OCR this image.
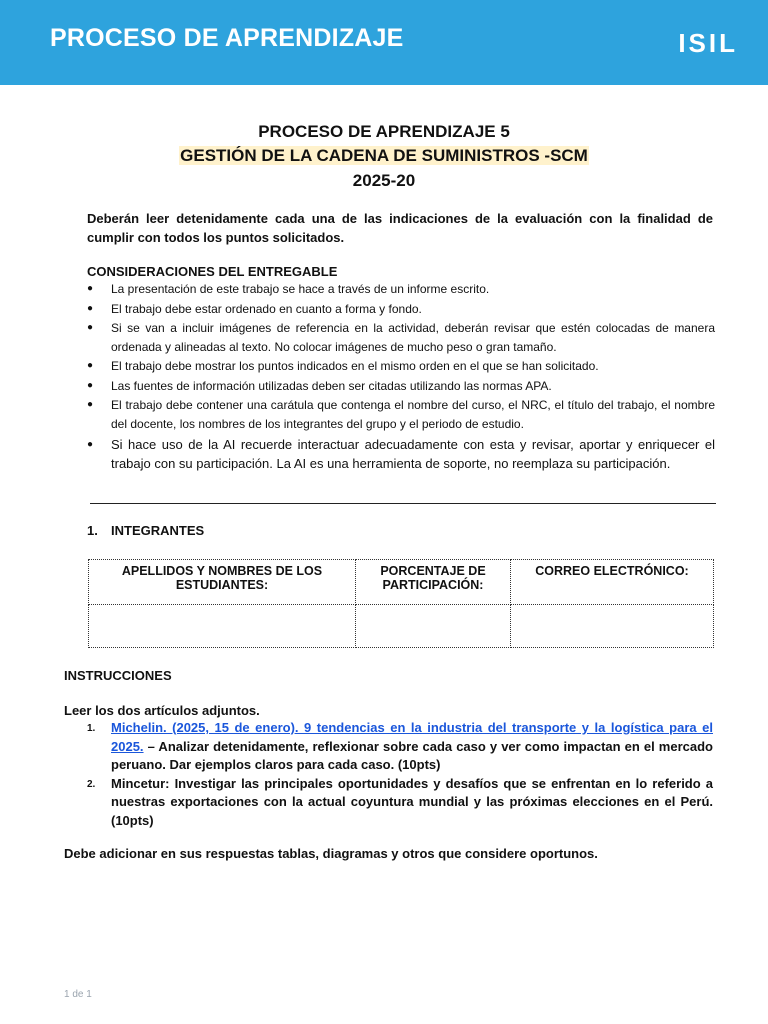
PROCESO DE APRENDIZAJE	ISIL
PROCESO DE APRENDIZAJE 5
GESTIÓN DE LA CADENA DE SUMINISTROS -SCM
2025-20
Deberán leer detenidamente cada una de las indicaciones de la evaluación con la finalidad de cumplir con todos los puntos solicitados.
CONSIDERACIONES DEL ENTREGABLE
● La presentación de este trabajo se hace a través de un informe escrito.
● El trabajo debe estar ordenado en cuanto a forma y fondo.
● Si se van a incluir imágenes de referencia en la actividad, deberán revisar que estén colocadas de manera ordenada y alineadas al texto. No colocar imágenes de mucho peso o gran tamaño.
● El trabajo debe mostrar los puntos indicados en el mismo orden en el que se han solicitado.
● Las fuentes de información utilizadas deben ser citadas utilizando las normas APA.
● El trabajo debe contener una carátula que contenga el nombre del curso, el NRC, el título del trabajo, el nombre del docente, los nombres de los integrantes del grupo y el periodo de estudio.
● Si hace uso de la AI recuerde interactuar adecuadamente con esta y revisar, aportar y enriquecer el trabajo con su participación. La AI es una herramienta de soporte, no reemplaza su participación.
1. INTEGRANTES
APELLIDOS Y NOMBRES DE LOS ESTUDIANTES:	PORCENTAJE DE PARTICIPACIÓN:	CORREO ELECTRÓNICO:

INSTRUCCIONES
Leer los dos artículos adjuntos.
1. Michelin. (2025, 15 de enero). 9 tendencias en la industria del transporte y la logística para el 2025. – Analizar detenidamente, reflexionar sobre cada caso y ver como impactan en el mercado peruano. Dar ejemplos claros para cada caso. (10pts)
2. Mincetur: Investigar las principales oportunidades y desafíos que se enfrentan en lo referido a nuestras exportaciones con la actual coyuntura mundial y las próximas elecciones en el Perú. (10pts)
Debe adicionar en sus respuestas tablas, diagramas y otros que considere oportunos.
1 de 1
